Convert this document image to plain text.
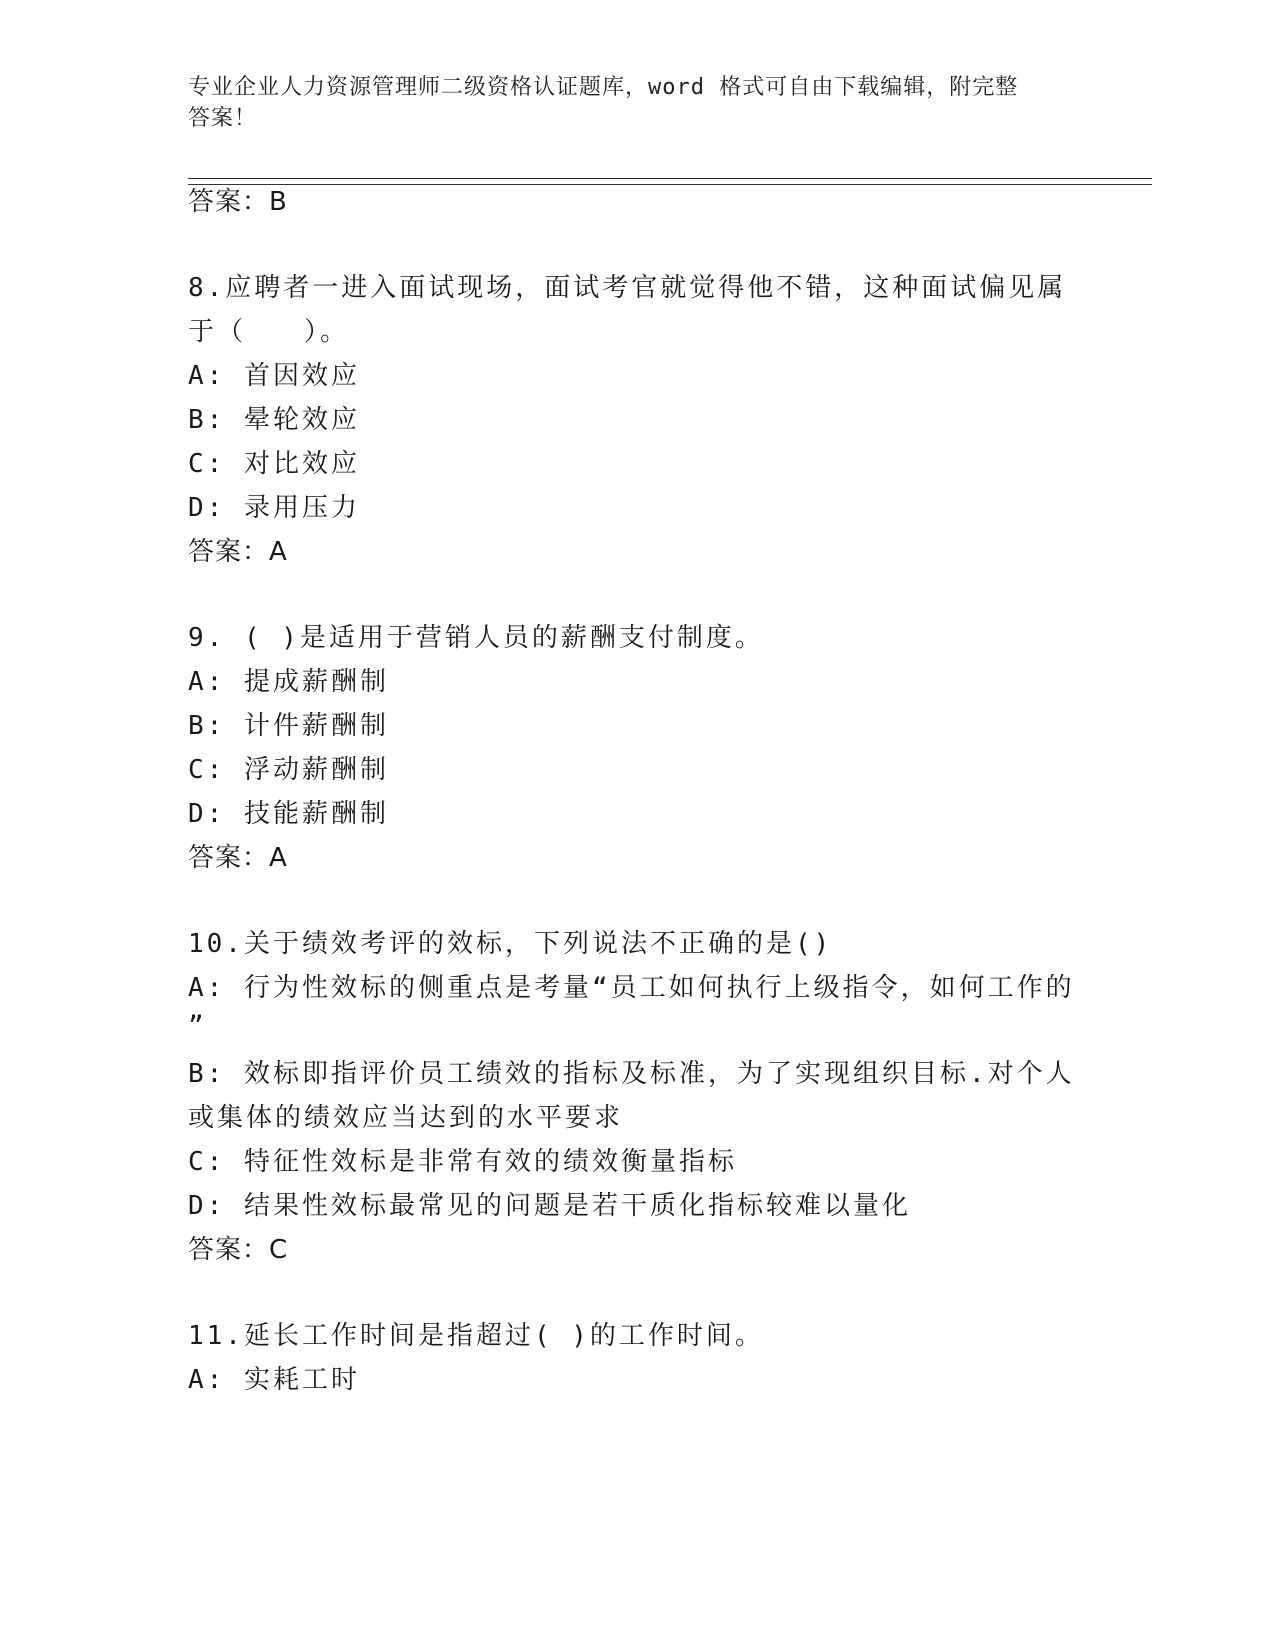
专业企业人力资源管理师二级资格认证题库，word 格式可自由下载编辑，附完整
答案！
答案：B
8.应聘者一进入面试现场，面试考官就觉得他不错，这种面试偏见属
于（　　）。
A: 首因效应
B: 晕轮效应
C: 对比效应
D: 录用压力
答案：A
9. ( )是适用于营销人员的薪酬支付制度。
A: 提成薪酬制
B: 计件薪酬制
C: 浮动薪酬制
D: 技能薪酬制
答案：A
10.关于绩效考评的效标，下列说法不正确的是()
A: 行为性效标的侧重点是考量“员工如何执行上级指令，如何工作的
”
B: 效标即指评价员工绩效的指标及标准，为了实现组织目标.对个人
或集体的绩效应当达到的水平要求
C: 特征性效标是非常有效的绩效衡量指标
D: 结果性效标最常见的问题是若干质化指标较难以量化
答案：C
11.延长工作时间是指超过( )的工作时间。
A: 实耗工时
